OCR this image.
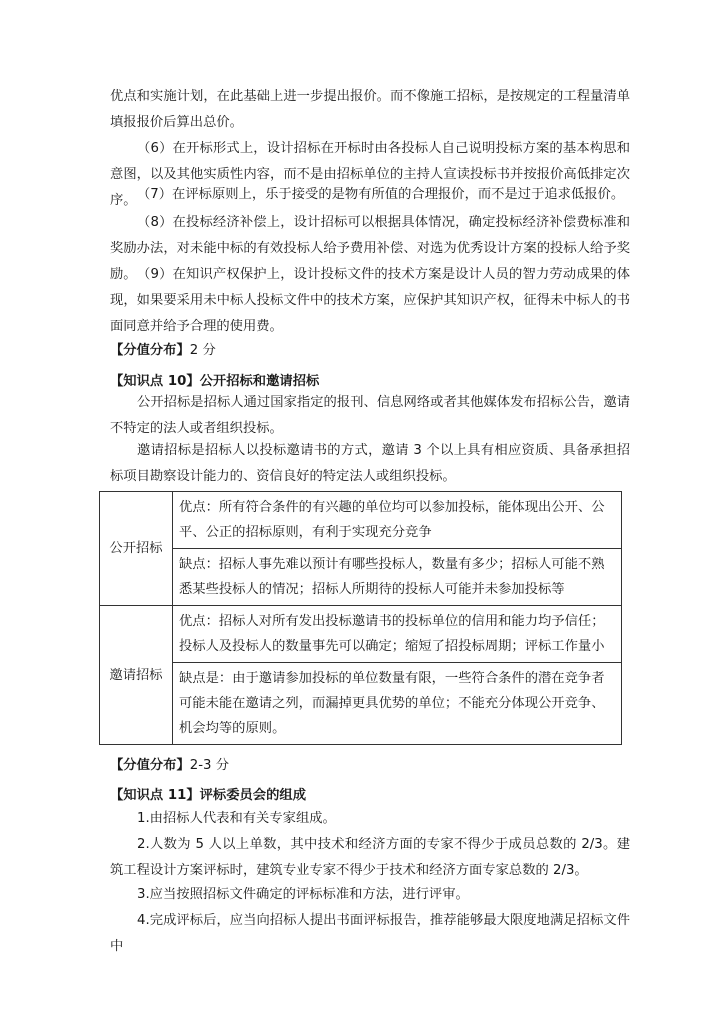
优点和实施计划，在此基础上进一步提出报价。而不像施工招标，是按规定的工程量清单填报报价后算出总价。

（6）在开标形式上，设计招标在开标时由各投标人自己说明投标方案的基本构思和意图，以及其他实质性内容，而不是由招标单位的主持人宣读投标书并按报价高低排定次序。 （7）在评标原则上，乐于接受的是物有所值的合理报价，而不是过于追求低报价。

（8）在投标经济补偿上，设计招标可以根据具体情况，确定投标经济补偿费标准和奖励办法，对未能中标的有效投标人给予费用补偿、对选为优秀设计方案的投标人给予奖励。 （9）在知识产权保护上，设计投标文件的技术方案是设计人员的智力劳动成果的体现，如果要采用未中标人投标文件中的技术方案，应保护其知识产权，征得未中标人的书面同意并给予合理的使用费。

【分值分布】2 分
【知识点 10】公开招标和邀请招标

公开招标是招标人通过国家指定的报刊、信息网络或者其他媒体发布招标公告，邀请不特定的法人或者组织投标。

邀请招标是招标人以投标邀请书的方式，邀请 3 个以上具有相应资质、具备承担招标项目勘察设计能力的、资信良好的特定法人或组织投标。

公开招标	优点：所有符合条件的有兴趣的单位均可以参加投标，能体现出公开、公平、公正的招标原则，有利于实现充分竞争
	缺点：招标人事先难以预计有哪些投标人，数量有多少；招标人可能不熟悉某些投标人的情况；招标人所期待的投标人可能并未参加投标等
邀请招标	优点：招标人对所有发出投标邀请书的投标单位的信用和能力均予信任；投标人及投标人的数量事先可以确定；缩短了招投标周期；评标工作量小
	缺点是：由于邀请参加投标的单位数量有限，一些符合条件的潜在竞争者可能未能在邀请之列，而漏掉更具优势的单位；不能充分体现公开竞争、机会均等的原则。
【分值分布】2-3 分
【知识点 11】评标委员会的组成

1.由招标人代表和有关专家组成。

2.人数为 5 人以上单数，其中技术和经济方面的专家不得少于成员总数的 2/3。建筑工程设计方案评标时，建筑专业专家不得少于技术和经济方面专家总数的 2/3。

3.应当按照招标文件确定的评标标准和方法，进行评审。

4.完成评标后，应当向招标人提出书面评标报告，推荐能够最大限度地满足招标文件中
